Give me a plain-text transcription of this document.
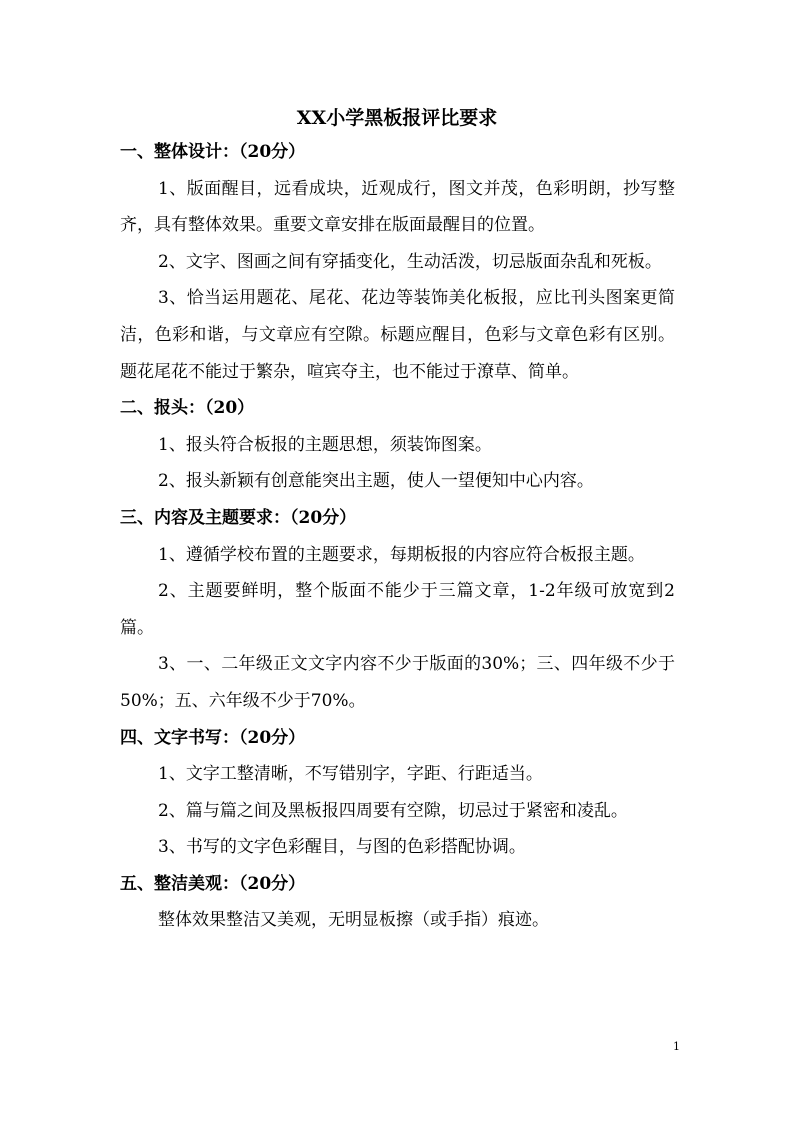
XX小学黑板报评比要求
一、整体设计：（20分）
1、版面醒目，远看成块，近观成行，图文并茂，色彩明朗，抄写整齐，具有整体效果。重要文章安排在版面最醒目的位置。
2、文字、图画之间有穿插变化，生动活泼，切忌版面杂乱和死板。
3、恰当运用题花、尾花、花边等装饰美化板报，应比刊头图案更简洁，色彩和谐，与文章应有空隙。标题应醒目，色彩与文章色彩有区别。题花尾花不能过于繁杂，喧宾夺主，也不能过于潦草、简单。
二、报头：（20）
1、报头符合板报的主题思想，须装饰图案。
2、报头新颖有创意能突出主题，使人一望便知中心内容。
三、内容及主题要求：（20分）
1、遵循学校布置的主题要求，每期板报的内容应符合板报主题。
2、主题要鲜明，整个版面不能少于三篇文章，1-2年级可放宽到2篇。
3、一、二年级正文文字内容不少于版面的30%；三、四年级不少于50%；五、六年级不少于70%。
四、文字书写：（20分）
1、文字工整清晰，不写错别字，字距、行距适当。
2、篇与篇之间及黑板报四周要有空隙，切忌过于紧密和凌乱。
3、书写的文字色彩醒目，与图的色彩搭配协调。
五、整洁美观：（20分）
整体效果整洁又美观，无明显板擦（或手指）痕迹。
1
